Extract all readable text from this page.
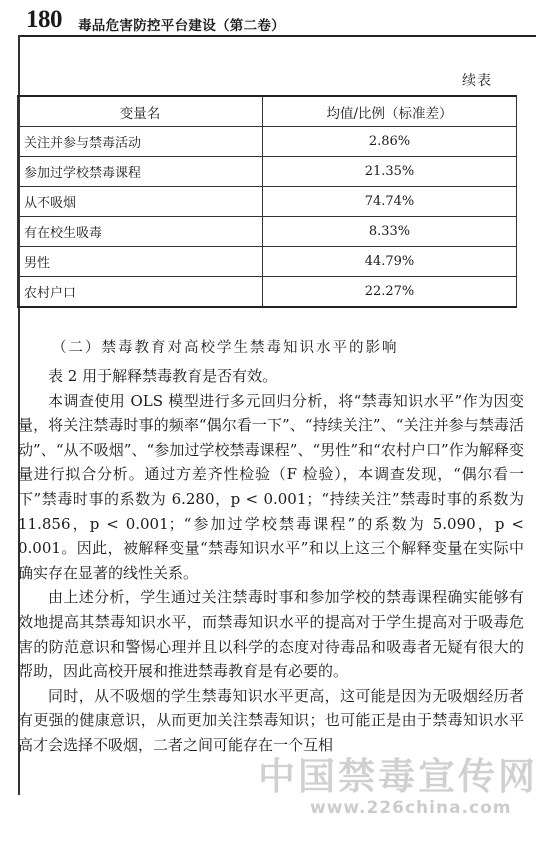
180 毒品危害防控平台建设（第二卷）
续表
变量名	均值/比例（标准差）
关注并参与禁毒活动	2.86%
参加过学校禁毒课程	21.35%
从不吸烟	74.74%
有在校生吸毒	8.33%
男性	44.79%
农村户口	22.27%
（二）禁毒教育对高校学生禁毒知识水平的影响

表 2 用于解释禁毒教育是否有效。

本调查使用 OLS 模型进行多元回归分析，将“禁毒知识水平”作为因变量，将关注禁毒时事的频率“偶尔看一下”、“持续关注”、“关注并参与禁毒活动”、“从不吸烟”、“参加过学校禁毒课程”、“男性”和“农村户口”作为解释变量进行拟合分析。通过方差齐性检验（F 检验），本调查发现，“偶尔看一下”禁毒时事的系数为 6.280，p < 0.001；“持续关注”禁毒时事的系数为 11.856，p < 0.001；“参加过学校禁毒课程”的系数为 5.090，p < 0.001。因此，被解释变量“禁毒知识水平”和以上这三个解释变量在实际中确实存在显著的线性关系。

由上述分析，学生通过关注禁毒时事和参加学校的禁毒课程确实能够有效地提高其禁毒知识水平，而禁毒知识水平的提高对于学生提高对于吸毒危害的防范意识和警惕心理并且以科学的态度对待毒品和吸毒者无疑有很大的帮助，因此高校开展和推进禁毒教育是有必要的。

同时，从不吸烟的学生禁毒知识水平更高，这可能是因为无吸烟经历者有更强的健康意识，从而更加关注禁毒知识；也可能正是由于禁毒知识水平高才会选择不吸烟，二者之间可能存在一个互相

中国禁毒宣传网
www.226china.com
